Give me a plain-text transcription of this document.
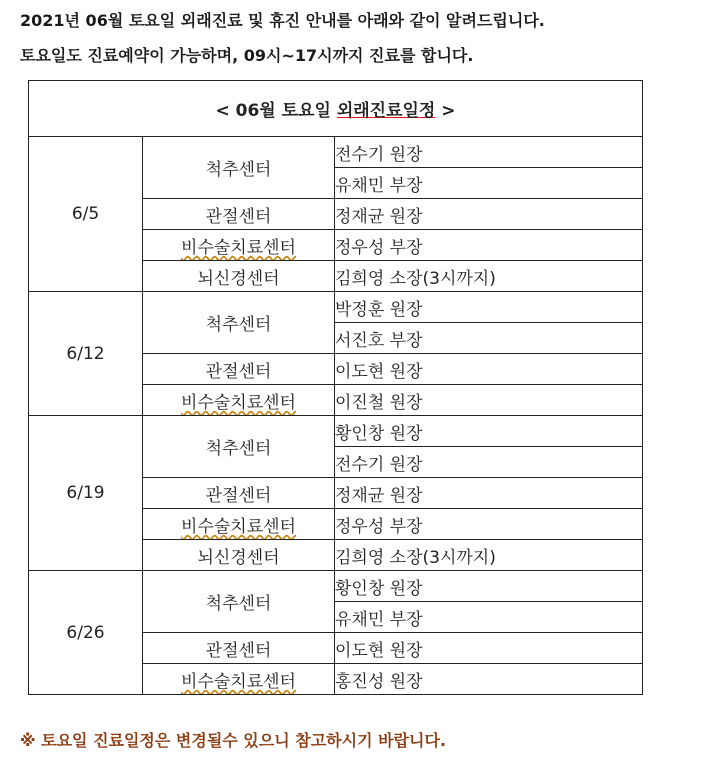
2021년 06월 토요일 외래진료 및 휴진 안내를 아래와 같이 알려드립니다.
토요일도 진료예약이 가능하며, 09시~17시까지 진료를 합니다.
< 06월 토요일 외래진료일정 >		
6/5	척추센터	전수기 원장
		유채민 부장
	관절센터	정재균 원장
	비수술치료센터	정우성 부장
	뇌신경센터	김희영 소장(3시까지)
6/12	척추센터	박정훈 원장
		서진호 부장
	관절센터	이도현 원장
	비수술치료센터	이진철 원장
6/19	척추센터	황인창 원장
		전수기 원장
	관절센터	정재균 원장
	비수술치료센터	정우성 부장
	뇌신경센터	김희영 소장(3시까지)
6/26	척추센터	황인창 원장
		유채민 부장
	관절센터	이도현 원장
	비수술치료센터	홍진성 원장
※ 토요일 진료일정은 변경될수 있으니 참고하시기 바랍니다.
